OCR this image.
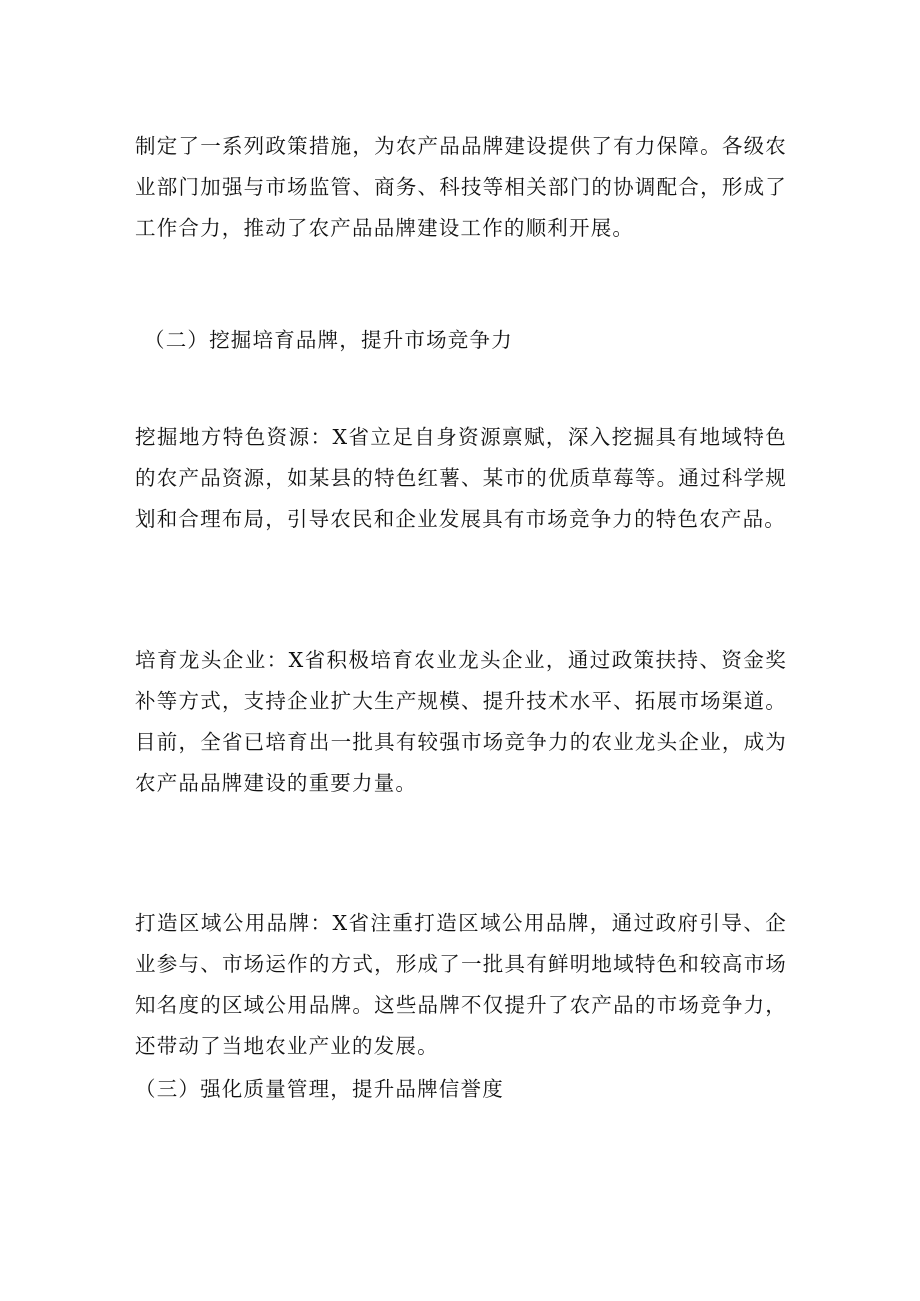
制定了一系列政策措施，为农产品品牌建设提供了有力保障。各级农业部门加强与市场监管、商务、科技等相关部门的协调配合，形成了工作合力，推动了农产品品牌建设工作的顺利开展。

（二）挖掘培育品牌，提升市场竞争力

挖掘地方特色资源：X省立足自身资源禀赋，深入挖掘具有地域特色的农产品资源，如某县的特色红薯、某市的优质草莓等。通过科学规划和合理布局，引导农民和企业发展具有市场竞争力的特色农产品。

培育龙头企业：X省积极培育农业龙头企业，通过政策扶持、资金奖补等方式，支持企业扩大生产规模、提升技术水平、拓展市场渠道。目前，全省已培育出一批具有较强市场竞争力的农业龙头企业，成为农产品品牌建设的重要力量。

打造区域公用品牌：X省注重打造区域公用品牌，通过政府引导、企业参与、市场运作的方式，形成了一批具有鲜明地域特色和较高市场知名度的区域公用品牌。这些品牌不仅提升了农产品的市场竞争力，还带动了当地农业产业的发展。

（三）强化质量管理，提升品牌信誉度
